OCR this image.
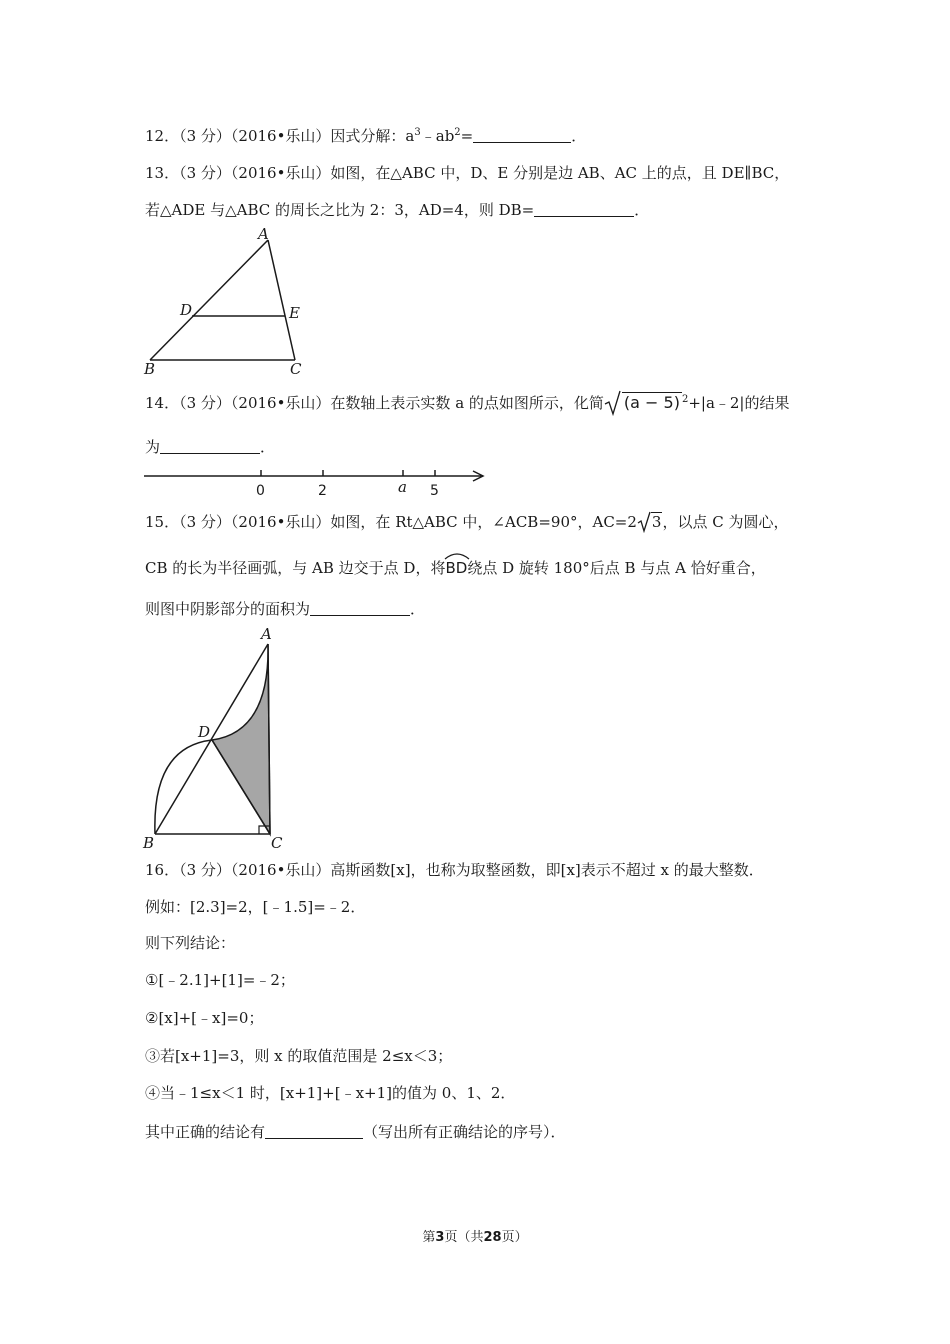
12．（3 分）（2016•乐山）因式分解：$a^3﹣ab^2=$	．
13．（3 分）（2016•乐山）如图，在△ABC 中，D、E 分别是边 AB、AC 上的点，且 DE∥BC，
若△ADE 与△ABC 的周长之比为 2：3，AD=4，则 DB=	．
A
D	E
B	C
14．（3 分）（2016•乐山）在数轴上表示实数 a 的点如图所示，化简 (a − 5) $^2$+|a﹣2|的结果
为	．
0	2	a 5
15．（3 分）（2016•乐山）如图，在 Rt△ABC 中，∠ACB=90°，AC=2 3，以点 C 为圆心，
CB 的长为半径画弧，与 AB 边交于点 D，将
BD绕点 D 旋转 180°后点 B 与点 A 恰好重合，
则图中阴影部分的面积为	．
A
D
B	C
16．（3 分）（2016•乐山）高斯函数[x]，也称为取整函数，即[x]表示不超过 x 的最大整数．
例如：[2.3]=2，[﹣1.5]=﹣2．
则下列结论：
①[﹣2.1]+[1]=﹣2；
②[x]+[﹣x]=0；
③若[x+1]=3，则 x 的取值范围是 2≤x＜3；
④当﹣1≤x＜1 时，[x+1]+[﹣x+1]的值为 0、1、2．
其中正确的结论有	（写出所有正确结论的序号）．
第3页（共28页）
